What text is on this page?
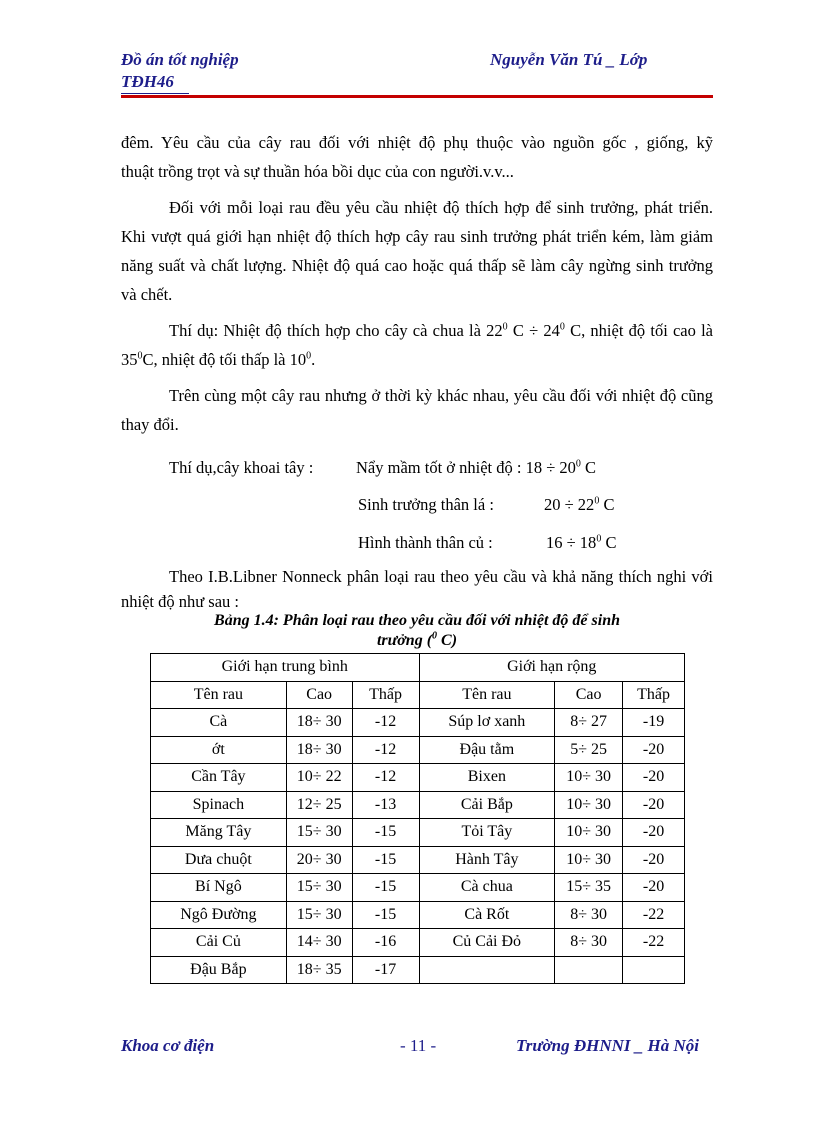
Đồ án tốt nghiệp
TĐH46
Nguyễn Văn Tú _ Lớp
đêm. Yêu cầu của cây rau đối với nhiệt độ phụ thuộc vào nguồn gốc , giống, kỹ
thuật trồng trọt và sự thuần hóa bồi dục của con người.v.v...
Đối với mỗi loại rau đều yêu cầu nhiệt độ thích hợp để sinh trưởng, phát triển. Khi vượt quá giới hạn nhiệt độ thích hợp cây rau sinh trưởng phát triển kém, làm giảm năng suất và chất lượng. Nhiệt độ quá cao hoặc quá thấp sẽ làm cây ngừng sinh trưởng và chết.
Thí dụ: Nhiệt độ thích hợp cho cây cà chua là $22^0$ $C \div 24^0$ C, nhiệt độ tối cao là $35^0C$, nhiệt độ tối thấp là $10^0$.
Trên cùng một cây rau nhưng ở thời kỳ khác nhau, yêu cầu đối với nhiệt độ cũng thay đổi.
Thí dụ,cây khoai tây :	Nẩy mầm tốt ở nhiệt độ : $18 \div 20^0$ C
Sinh trưởng thân lá :	$20 \div 22^0$ C
Hình thành thân củ :	$16 \div 18^0$ C
Theo I.B.Libner Nonneck phân loại rau theo yêu cầu và khả năng thích nghi với nhiệt độ như sau :
Bảng 1.4: Phân loại rau theo yêu cầu đối với nhiệt độ để sinh
trưởng ($^0$ C)
Giới hạn trung bình			Giới hạn rộng		
Tên rau	Cao	Thấp	Tên rau	Cao	Thấp
Cà	18÷ 30	-12	Súp lơ xanh	8÷ 27	-19
ớt	18÷ 30	-12	Đậu tằm	5÷ 25	-20
Cần Tây	10÷ 22	-12	Bixen	10÷ 30	-20
Spinach	12÷ 25	-13	Cải Bắp	10÷ 30	-20
Măng Tây	15÷ 30	-15	Tỏi Tây	10÷ 30	-20
Dưa chuột	20÷ 30	-15	Hành Tây	10÷ 30	-20
Bí Ngô	15÷ 30	-15	Cà chua	15÷ 35	-20
Ngô Đường	15÷ 30	-15	Cà Rốt	8÷ 30	-22
Cải Củ	14÷ 30	-16	Củ Cải Đỏ	8÷ 30	-22
Đậu Bắp	18÷ 35	-17			
Khoa cơ điện	- 11 -	Trường ĐHNNI _ Hà Nội
